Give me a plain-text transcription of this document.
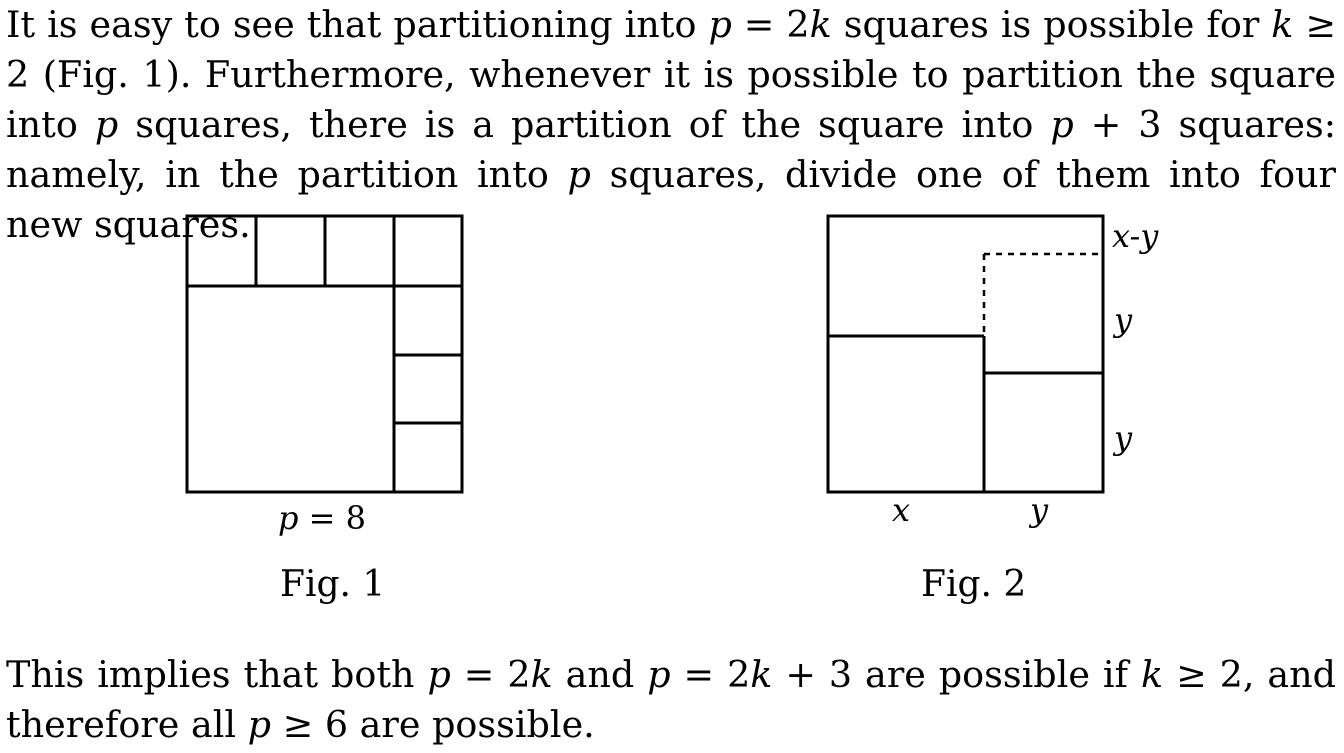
It is easy to see that partitioning into p = 2k squares is possible for k ≥ 2 (Fig. 1). Furthermore, whenever it is possible to partition the square into p squares, there is a partition of the square into p + 3 squares: namely, in the partition into p squares, divide one of them into four new squares.

p = 8
Fig. 1
x	y
x-y
y
y
Fig. 2

This implies that both p = 2k and p = 2k + 3 are possible if k ≥ 2, and therefore all p ≥ 6 are possible.
